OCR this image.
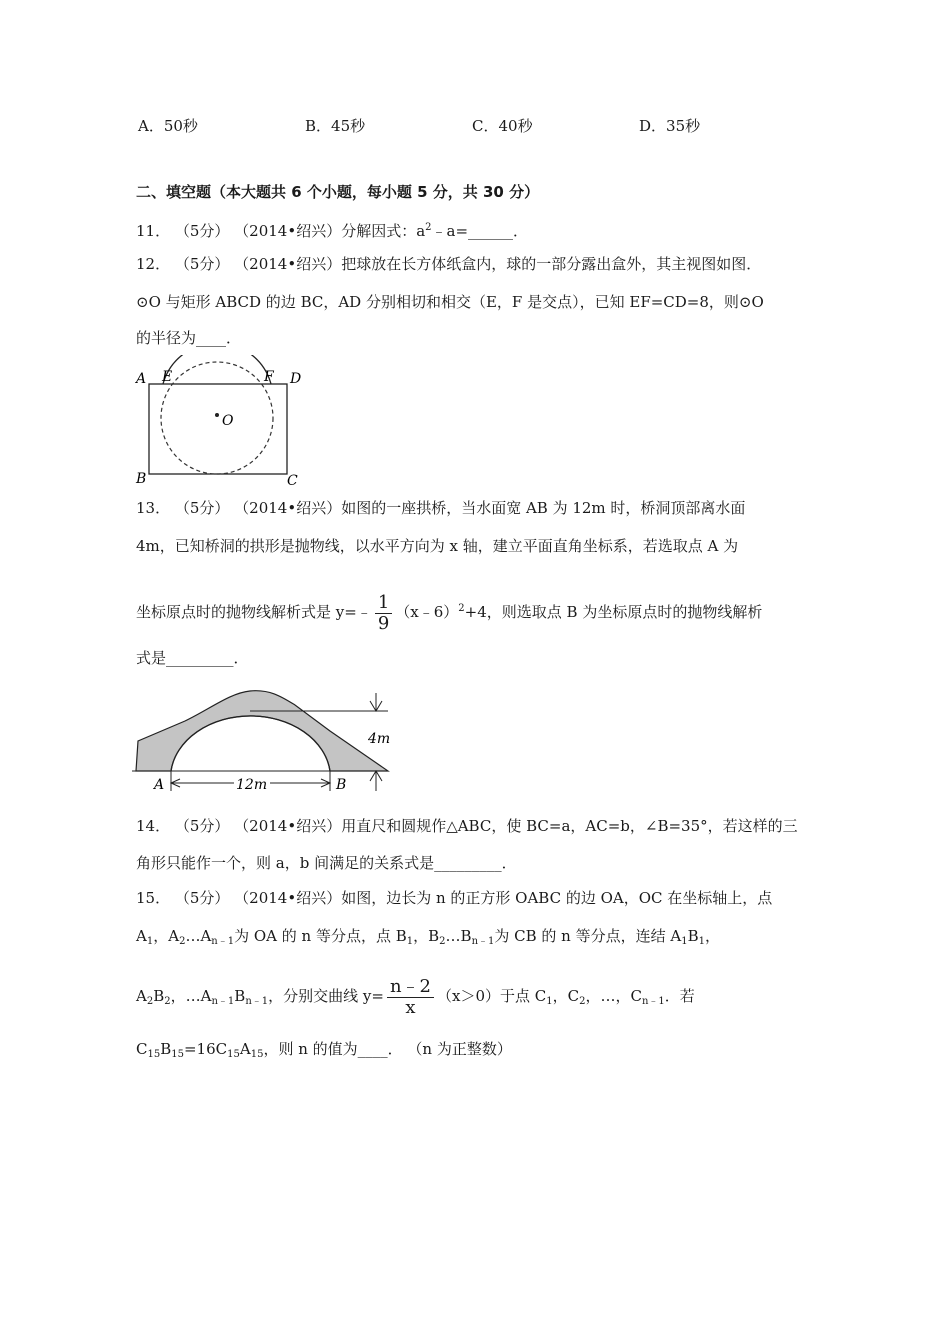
A．50秒	B．45秒	C．40秒	D．35秒
二、填空题（本大题共 6 个小题，每小题 5 分，共 30 分）
11． （5分） （2014•绍兴）分解因式：$a^2﹣a=\_\_\_\_\_\_$．
12． （5分） （2014•绍兴）把球放在长方体纸盒内，球的一部分露出盒外，其主视图如图．
⊙O 与矩形 ABCD 的边 BC，AD 分别相切和相交（E，F 是交点），已知 EF=CD=8，则⊙O
的半径为____．
A E	F D
O
B	C
13． （5分） （2014•绍兴）如图的一座拱桥，当水面宽 AB 为 12m 时，桥洞顶部离水面
4m，已知桥洞的拱形是抛物线，以水平方向为 x 轴，建立平面直角坐标系，若选取点 A 为
坐标原点时的抛物线解析式是 y=﹣ $\frac{1}{9}$ （x﹣6）$^2$+4，则选取点 B 为坐标原点时的抛物线解析
式是_________．
A	B
12m
4m
14． （5分） （2014•绍兴）用直尺和圆规作△ABC，使 BC=a，AC=b，∠B=35°，若这样的三
角形只能作一个，则 a，b 间满足的关系式是_________．
15． （5分） （2014•绍兴）如图，边长为 n 的正方形 OABC 的边 OA，OC 在坐标轴上，点
$A_1$，$A_2\dots A_{n﹣1}$为 OA 的 n 等分点，点 $B_1$，$B_2\dots B_{n﹣1}$为 CB 的 n 等分点，连结 $A_1B_1$，
$A_2B_2$，$\dots A_{n﹣1}B_{n﹣1}$，分别交曲线 $y= \frac{n﹣2}{x} (x>0)$于点 $C_1$，$C_2$，…，$C_{n﹣1}$．若
$C_{15}B_{15}=16C_{15}A_{15}$，则 n 的值为____． （n 为正整数）
